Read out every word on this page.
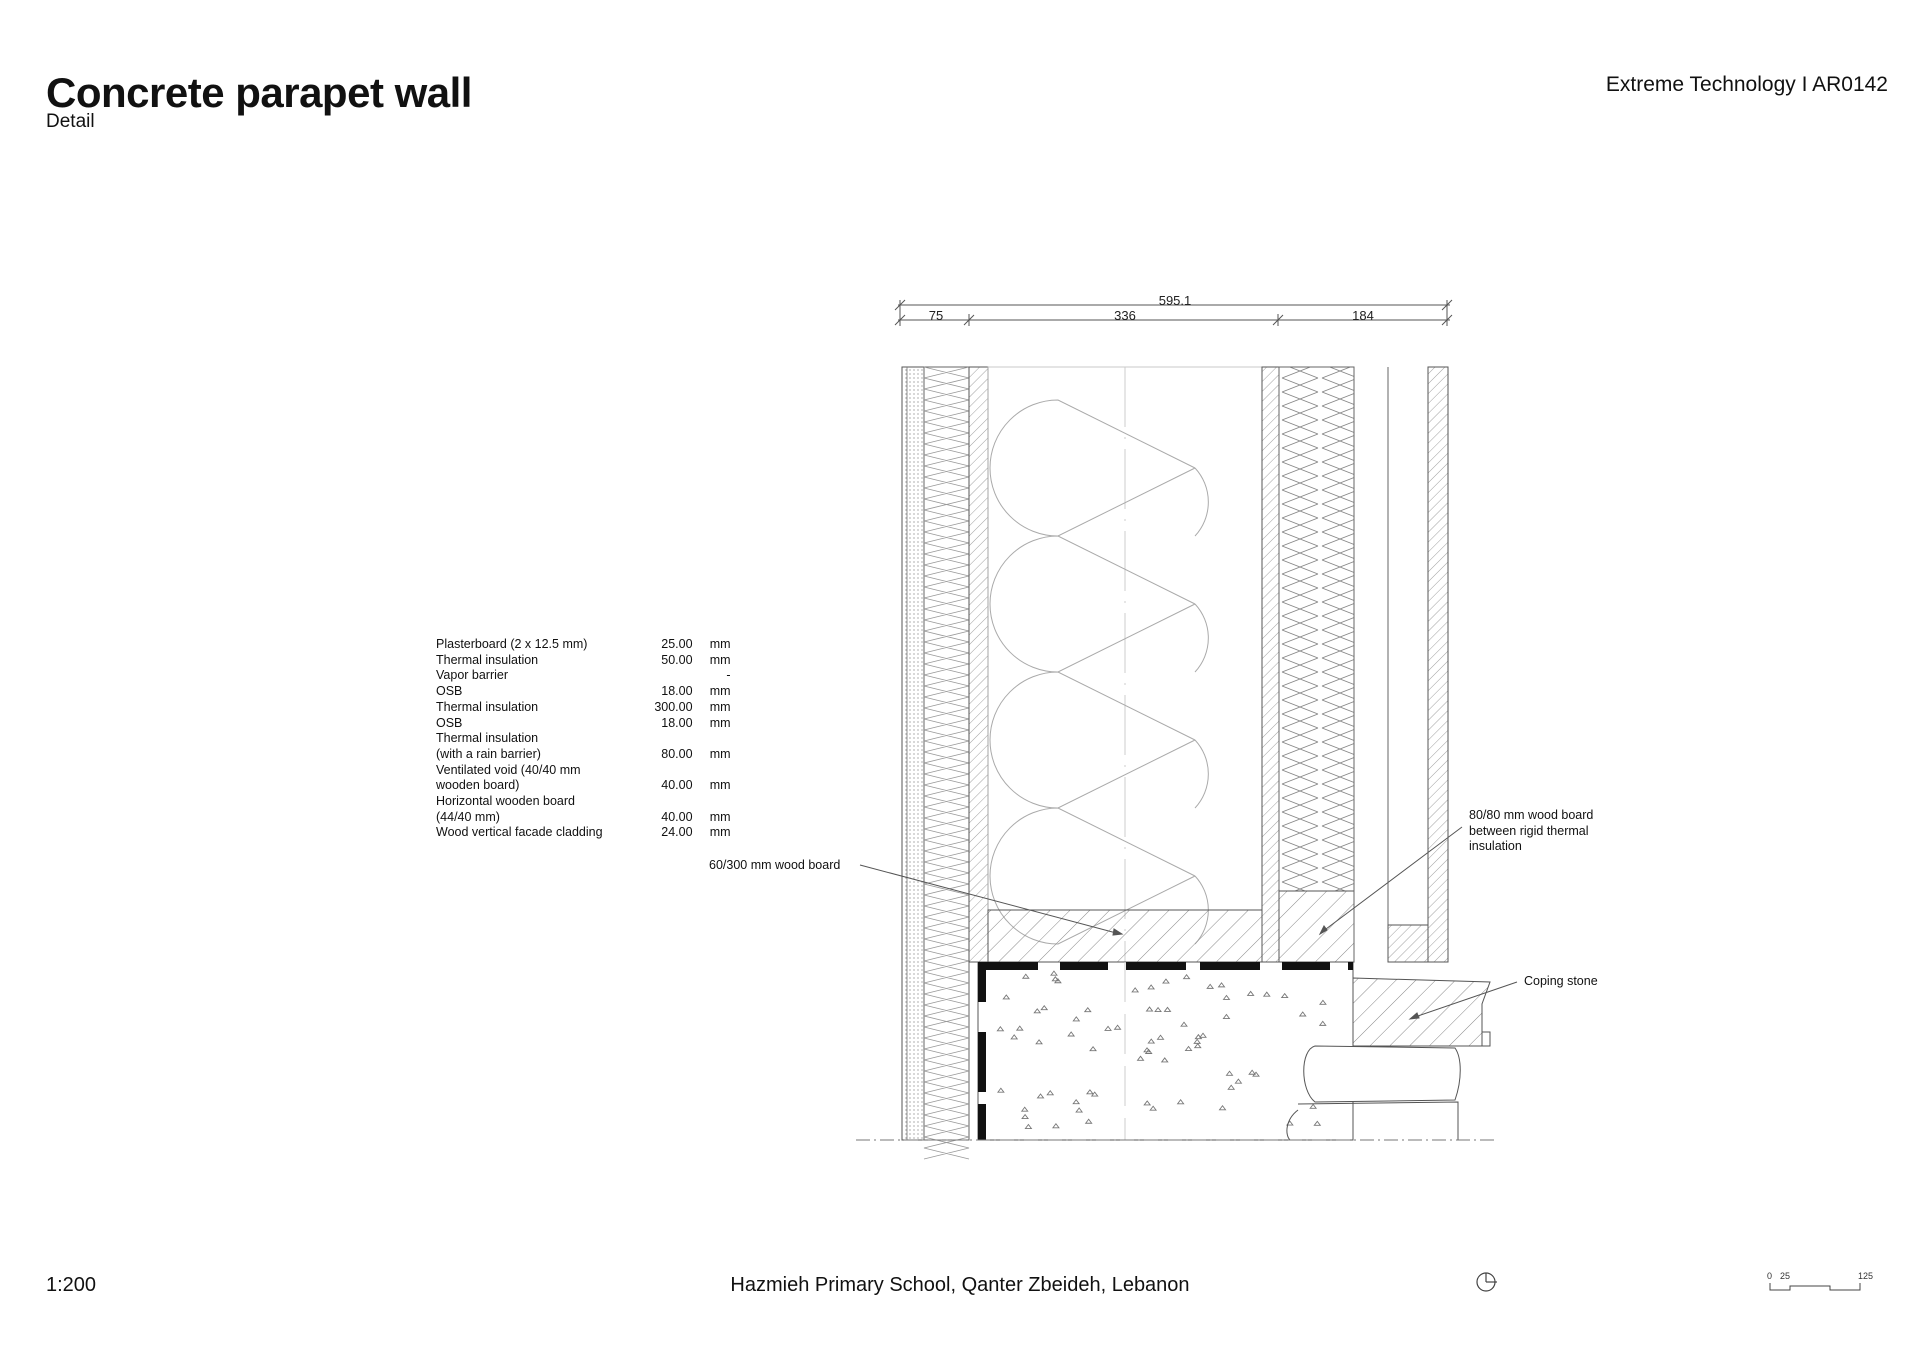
Concrete parapet wall
Detail
Extreme Technology I AR0142
Plasterboard (2 x 12.5 mm)	25.00	mm
Thermal insulation	50.00	mm
Vapor barrier		-
OSB	18.00	mm
Thermal insulation	300.00	mm
OSB	18.00	mm
Thermal insulation		
(with a rain barrier)	80.00	mm
Ventilated void (40/40 mm		
wooden board)	40.00	mm
Horizontal wooden board		
(44/40 mm)	40.00	mm
Wood vertical facade cladding	24.00	mm
60/300 mm wood board
80/80 mm wood board
between rigid thermal
insulation
Coping stone
595.1
75	336	184
0 25	125
1:200	Hazmieh Primary School, Qanter Zbeideh, Lebanon
